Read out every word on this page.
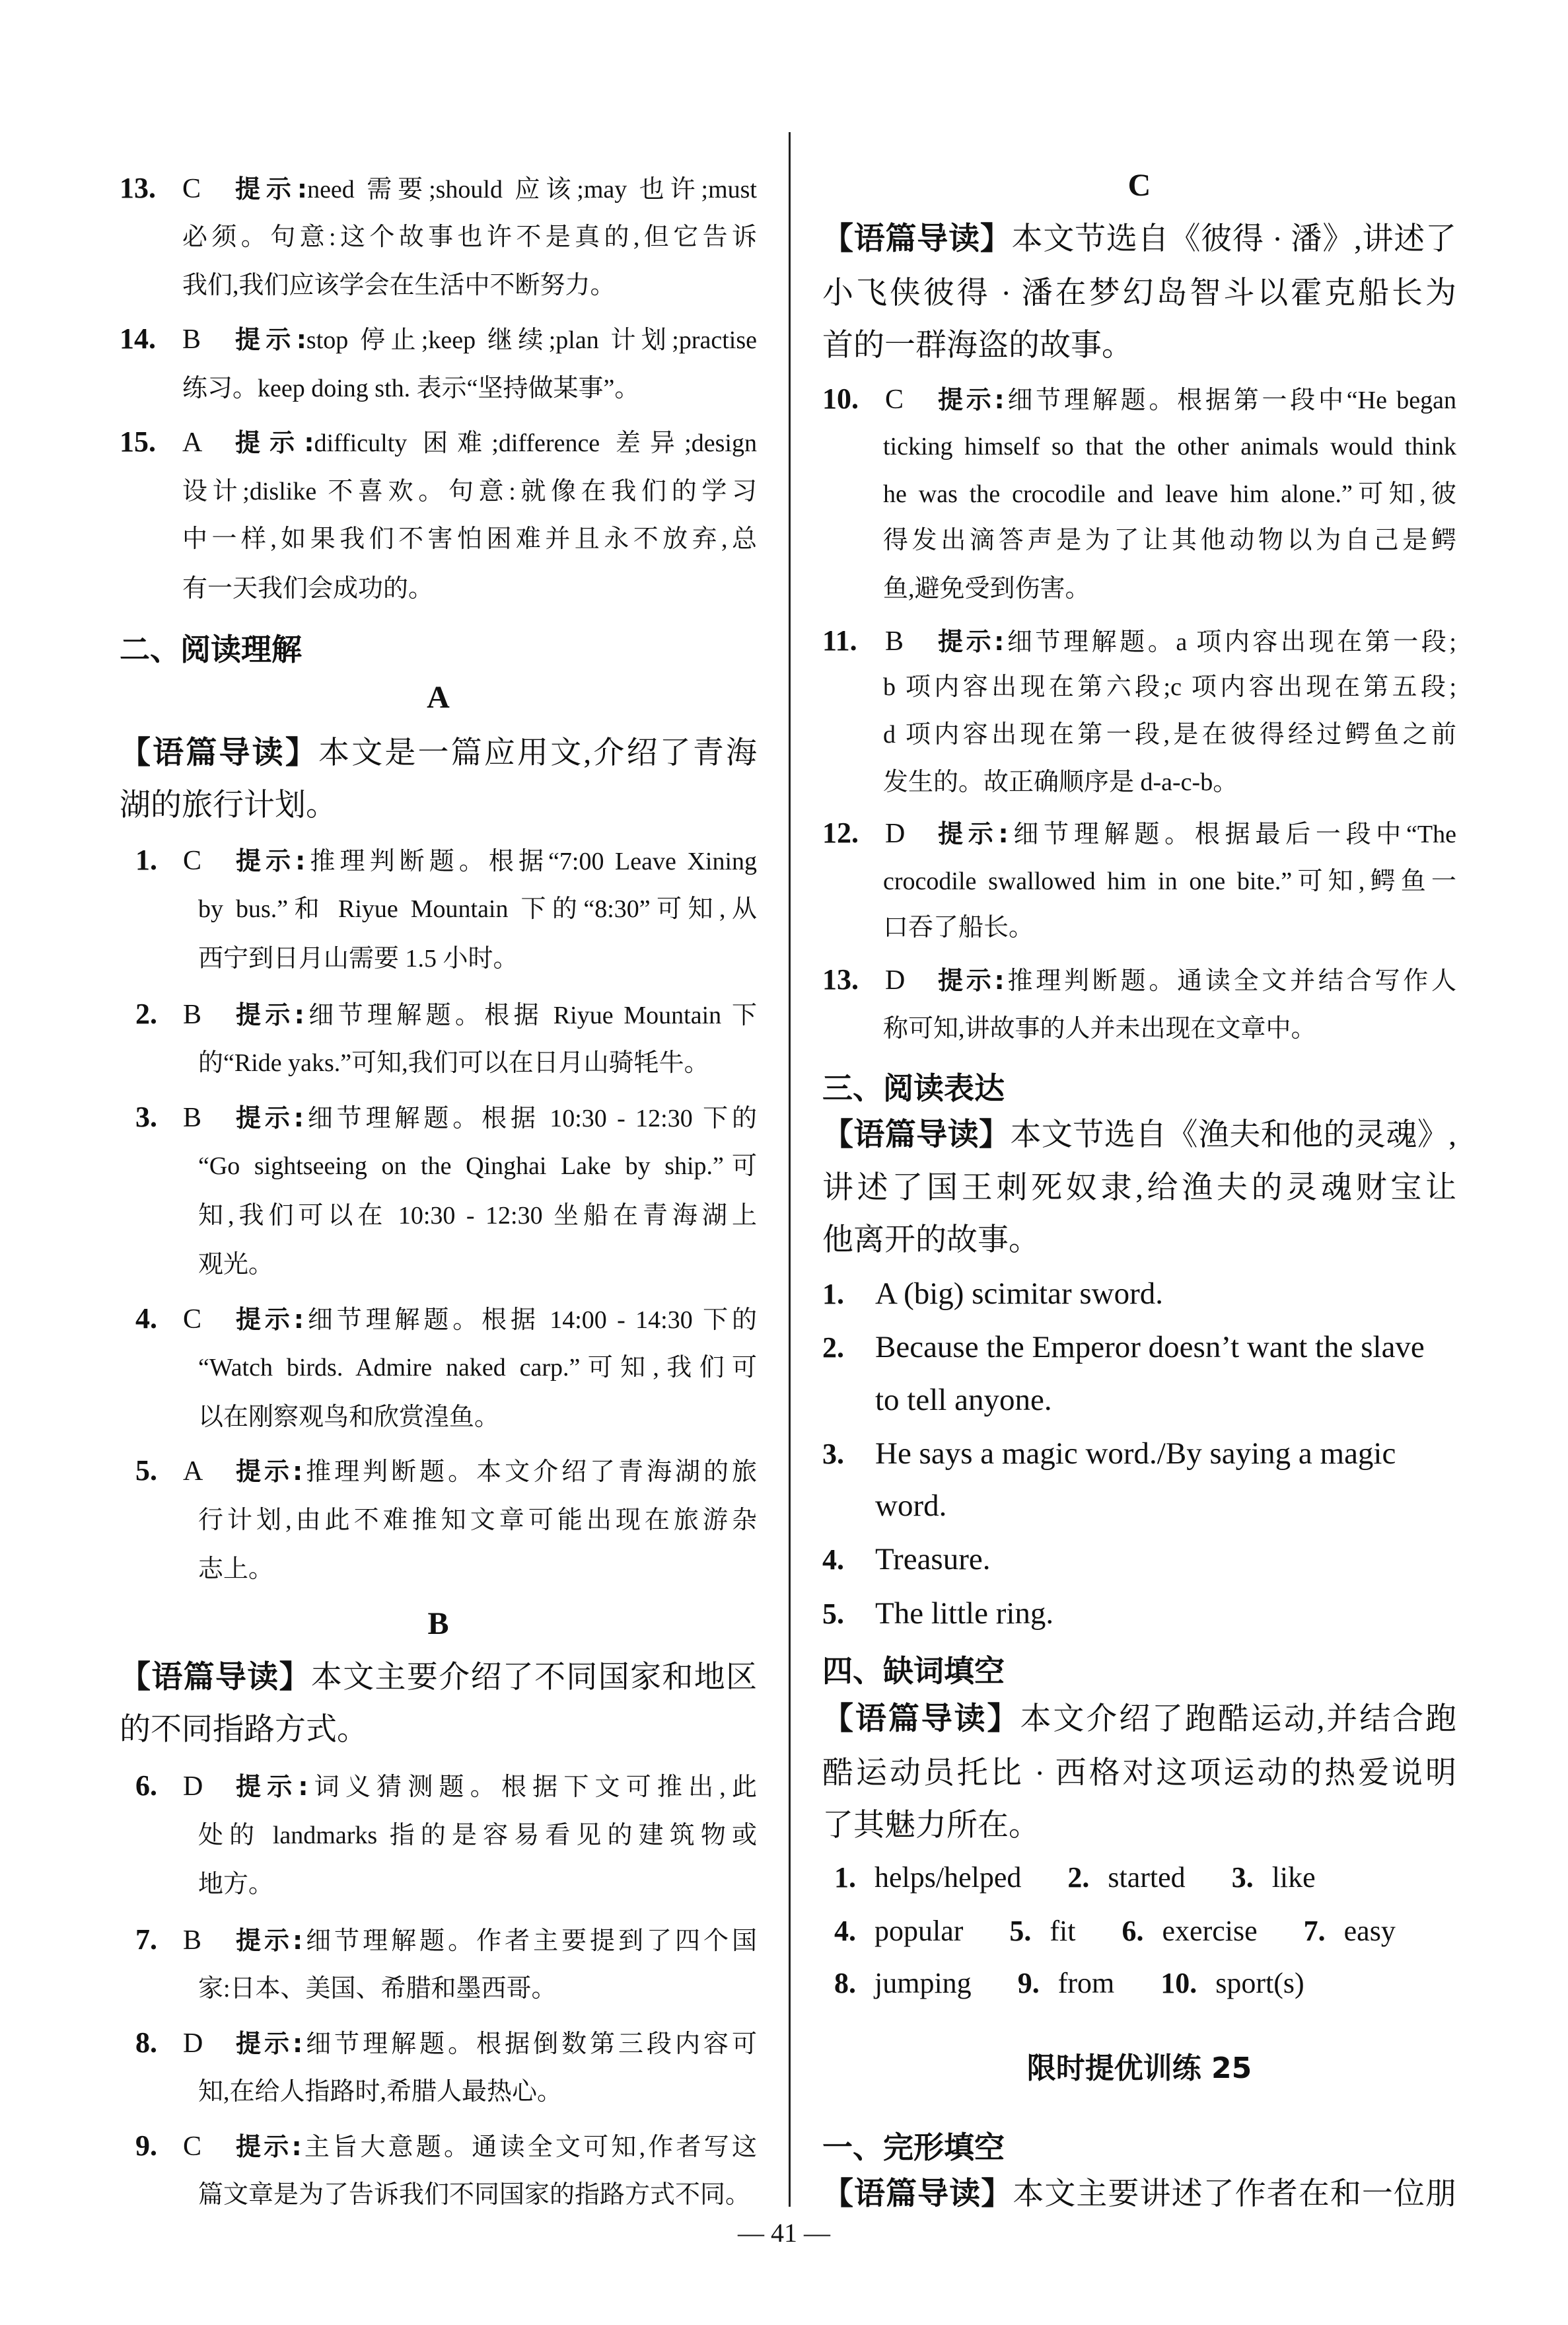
13. C	提示:need 需要;should 应该;may 也许;must
必须。句意:这个故事也许不是真的,但它告诉
我们,我们应该学会在生活中不断努力。
14. B	提示:stop 停止;keep 继续;plan 计划;practise
练习。keep doing sth. 表示“坚持做某事”。
15. A	提示:difficulty 困难;difference 差异;design
设计;dislike 不喜欢。句意:就像在我们的学习
中一样,如果我们不害怕困难并且永不放弃,总
有一天我们会成功的。
二、阅读理解
A
【语篇导读】本文是一篇应用文,介绍了青海
湖的旅行计划。
1. C	提示:推理判断题。根据“7:00 Leave Xining
by bus.”和 Riyue Mountain 下的“8:30”可知,从
西宁到日月山需要 1.5 小时。
2. B	提示:细节理解题。根据 Riyue Mountain 下
的“Ride yaks.”可知,我们可以在日月山骑牦牛。
3. B	提示:细节理解题。根据 10:30 - 12:30 下的
“Go sightseeing on the Qinghai Lake by ship.”可
知,我们可以在 10:30 - 12:30 坐船在青海湖上
观光。
4. C	提示:细节理解题。根据 14:00 - 14:30 下的
“Watch birds. Admire naked carp.”可知,我们可
以在刚察观鸟和欣赏湟鱼。
5. A	提示:推理判断题。本文介绍了青海湖的旅
行计划,由此不难推知文章可能出现在旅游杂
志上。
B
【语篇导读】本文主要介绍了不同国家和地区
的不同指路方式。
6. D	提示:词义猜测题。根据下文可推出,此
处的 landmarks 指的是容易看见的建筑物或
地方。
7. B	提示:细节理解题。作者主要提到了四个国
家:日本、美国、希腊和墨西哥。
8. D	提示:细节理解题。根据倒数第三段内容可
知,在给人指路时,希腊人最热心。
9. C	提示:主旨大意题。通读全文可知,作者写这
篇文章是为了告诉我们不同国家的指路方式不同。
C
【语篇导读】本文节选自《彼得 · 潘》,讲述了
小飞侠彼得 · 潘在梦幻岛智斗以霍克船长为
首的一群海盗的故事。
10. C	提示:细节理解题。根据第一段中“He began
ticking himself so that the other animals would think
he was the crocodile and leave him alone.”可知,彼
得发出滴答声是为了让其他动物以为自己是鳄
鱼,避免受到伤害。
11.	B	提示:细节理解题。a 项内容出现在第一段;
b 项内容出现在第六段;c 项内容出现在第五段;
d 项内容出现在第一段,是在彼得经过鳄鱼之前
发生的。故正确顺序是 d-a-c-b。
12. D	提示:细节理解题。根据最后一段中“The
crocodile swallowed him in one bite.”可知,鳄鱼一
口吞了船长。
13. D	提示:推理判断题。通读全文并结合写作人
称可知,讲故事的人并未出现在文章中。
三、阅读表达
【语篇导读】本文节选自《渔夫和他的灵魂》,
讲述了国王刺死奴隶,给渔夫的灵魂财宝让
他离开的故事。
1.	A (big) scimitar sword.
2.	Because the Emperor doesn’t want the slave
to tell anyone.
3.	He says a magic word./By saying a magic
word.
4.	Treasure.
5.	The little ring.
四、缺词填空
【语篇导读】本文介绍了跑酷运动,并结合跑
酷运动员托比 · 西格对这项运动的热爱说明
了其魅力所在。
1. helps/helped 2. started 3. like
4. popular 5. fit 6. exercise 7. easy
8. jumping 9. from 10. sport(s)
限时提优训练 25
一、完形填空
【语篇导读】本文主要讲述了作者在和一位朋
— 41 —
